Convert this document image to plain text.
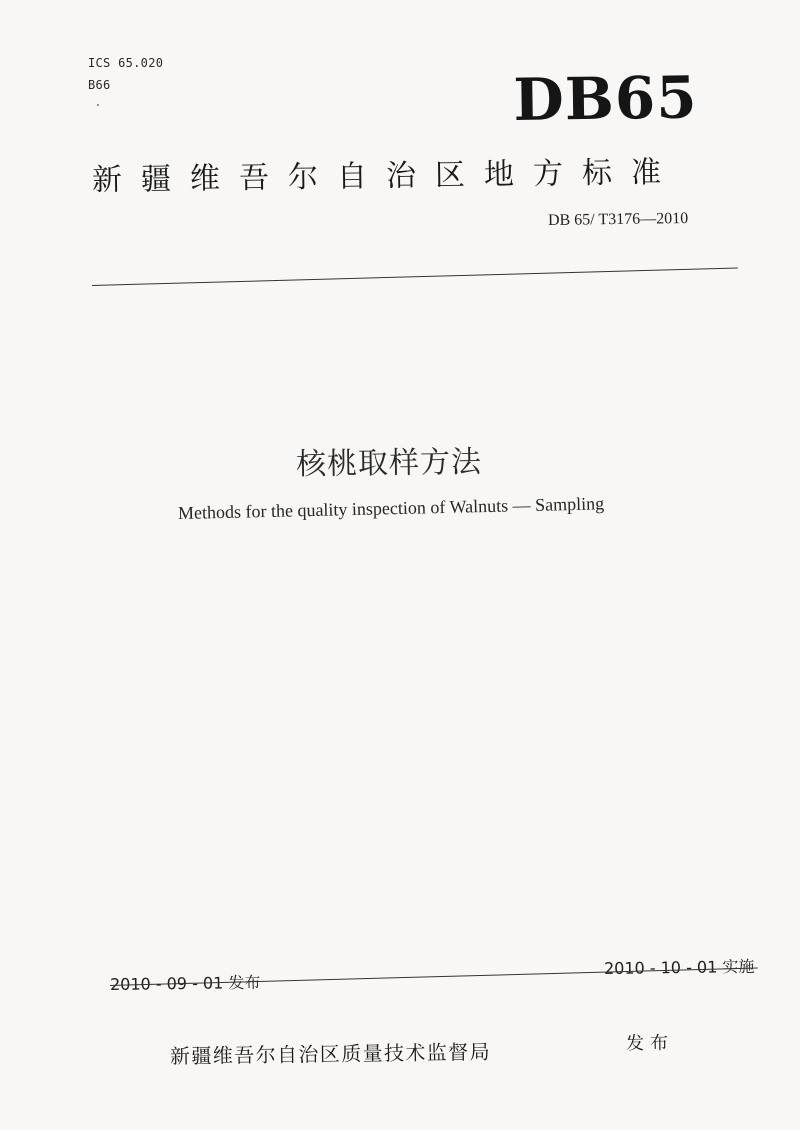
ICS 65.020
B66	DB65
新疆维吾尔自治区地方标准
DB 65/ T3176—2010
核桃取样方法
Methods for the quality inspection of Walnuts — Sampling
2010 - 09 - 01 发布
2010 - 10 - 01 实施
新疆维吾尔自治区质量技术监督局	发布
